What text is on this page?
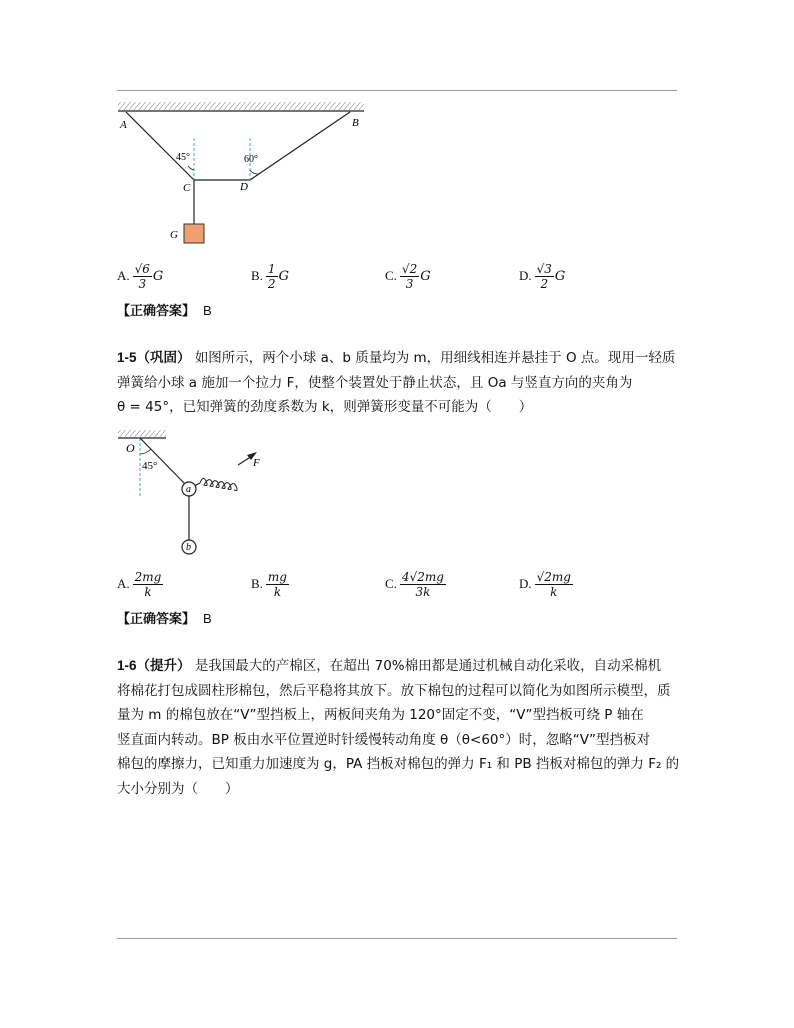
A	B
C	D
G
45°	60°
A. $\frac{√6}{3}$ G	B. $\frac{1}{2}$ G	C. $\frac{√2}{3}$ G	D. $\frac{√3}{2}$ G
【正确答案】 B
1-5（巩固） 如图所示，两个小球 a、b 质量均为 m，用细线相连并悬挂于 O 点。现用一轻质
弹簧给小球 a 施加一个拉力 F，使整个装置处于静止状态，且 Oa 与竖直方向的夹角为
θ = 45°，已知弹簧的劲度系数为 k，则弹簧形变量不可能为（　　）
O
45°
a
b
F
A. $\frac{2mg}{k}$	B. $\frac{mg}{k}$	C. $\frac{4√2mg}{3k}$	D. $\frac{√2mg}{k}$
【正确答案】 B
1-6（提升） 是我国最大的产棉区，在超出 70%棉田都是通过机械自动化采收，自动采棉机
将棉花打包成圆柱形棉包，然后平稳将其放下。放下棉包的过程可以简化为如图所示模型，质
量为 m 的棉包放在“V”型挡板上，两板间夹角为 120°固定不变，“V”型挡板可绕 P 轴在
竖直面内转动。BP 板由水平位置逆时针缓慢转动角度 θ（θ<60°）时，忽略“V”型挡板对
棉包的摩擦力，已知重力加速度为 g，PA 挡板对棉包的弹力 F₁ 和 PB 挡板对棉包的弹力 F₂ 的
大小分别为（　　）
